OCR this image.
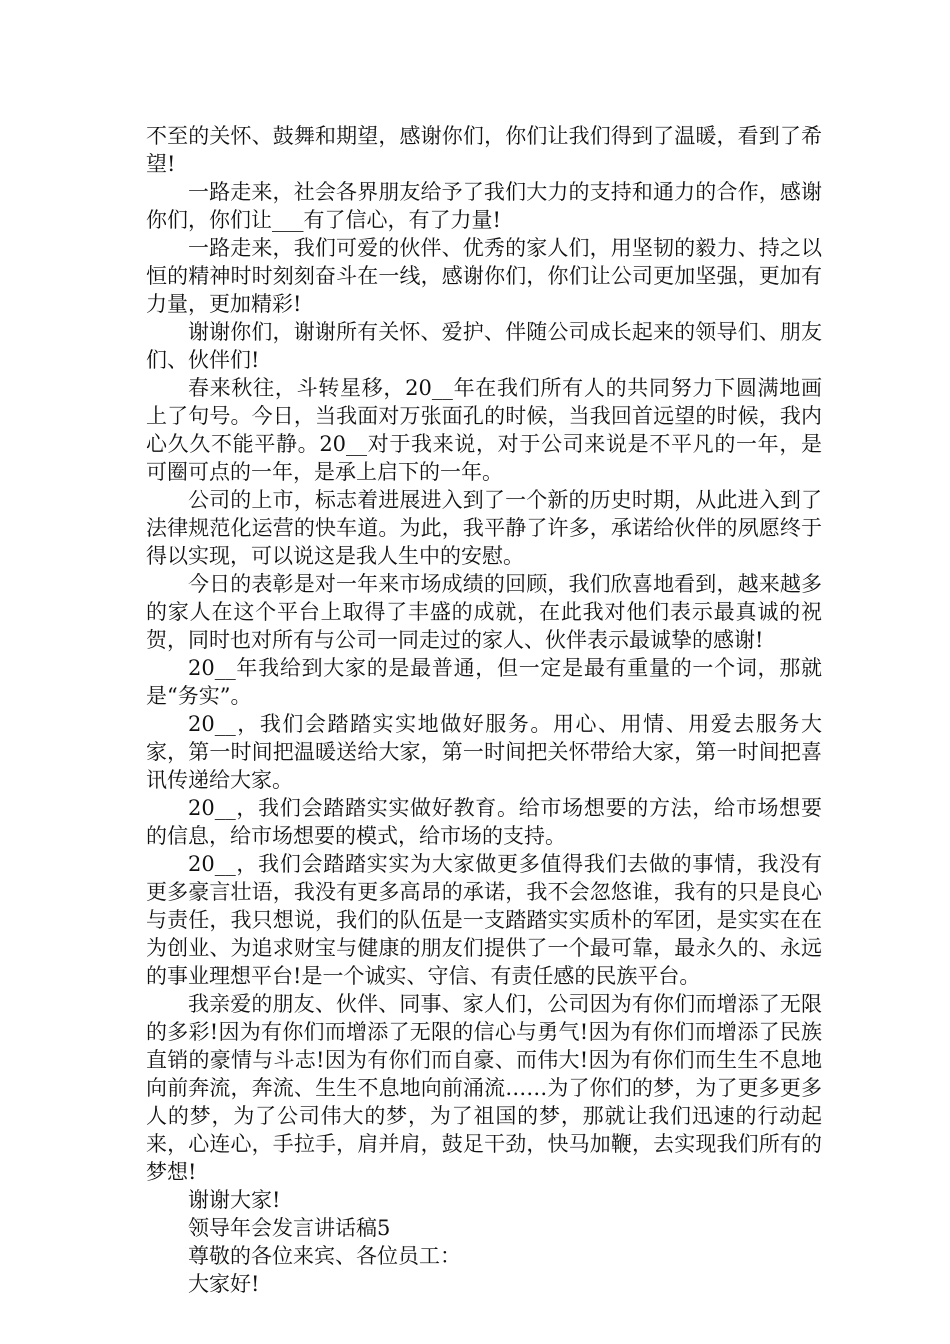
不至的关怀、鼓舞和期望，感谢你们，你们让我们得到了温暖，看到了希望!

一路走来，社会各界朋友给予了我们大力的支持和通力的合作，感谢你们，你们让___有了信心，有了力量!

一路走来，我们可爱的伙伴、优秀的家人们，用坚韧的毅力、持之以恒的精神时时刻刻奋斗在一线，感谢你们，你们让公司更加坚强，更加有力量，更加精彩!

谢谢你们，谢谢所有关怀、爱护、伴随公司成长起来的领导们、朋友们、伙伴们!

春来秋往，斗转星移，20__年在我们所有人的共同努力下圆满地画上了句号。今日，当我面对万张面孔的时候，当我回首远望的时候，我内心久久不能平静。20__对于我来说，对于公司来说是不平凡的一年，是可圈可点的一年，是承上启下的一年。

公司的上市，标志着进展进入到了一个新的历史时期，从此进入到了法律规范化运营的快车道。为此，我平静了许多，承诺给伙伴的夙愿终于得以实现，可以说这是我人生中的安慰。

今日的表彰是对一年来市场成绩的回顾，我们欣喜地看到，越来越多的家人在这个平台上取得了丰盛的成就，在此我对他们表示最真诚的祝贺，同时也对所有与公司一同走过的家人、伙伴表示最诚挚的感谢!

20__年我给到大家的是最普通，但一定是最有重量的一个词，那就是“务实”。

20__，我们会踏踏实实地做好服务。用心、用情、用爱去服务大家，第一时间把温暖送给大家，第一时间把关怀带给大家，第一时间把喜讯传递给大家。

20__，我们会踏踏实实做好教育。给市场想要的方法，给市场想要的信息，给市场想要的模式，给市场的支持。

20__，我们会踏踏实实为大家做更多值得我们去做的事情，我没有更多豪言壮语，我没有更多高昂的承诺，我不会忽悠谁，我有的只是良心与责任，我只想说，我们的队伍是一支踏踏实实质朴的军团，是实实在在为创业、为追求财宝与健康的朋友们提供了一个最可靠，最永久的、永远的事业理想平台!是一个诚实、守信、有责任感的民族平台。

我亲爱的朋友、伙伴、同事、家人们，公司因为有你们而增添了无限的多彩!因为有你们而增添了无限的信心与勇气!因为有你们而增添了民族直销的豪情与斗志!因为有你们而自豪、而伟大!因为有你们而生生不息地向前奔流，奔流、生生不息地向前涌流……为了你们的梦，为了更多更多人的梦，为了公司伟大的梦，为了祖国的梦，那就让我们迅速的行动起来，心连心，手拉手，肩并肩，鼓足干劲，快马加鞭，去实现我们所有的梦想!

谢谢大家!

领导年会发言讲话稿5

尊敬的各位来宾、各位员工：

大家好!
